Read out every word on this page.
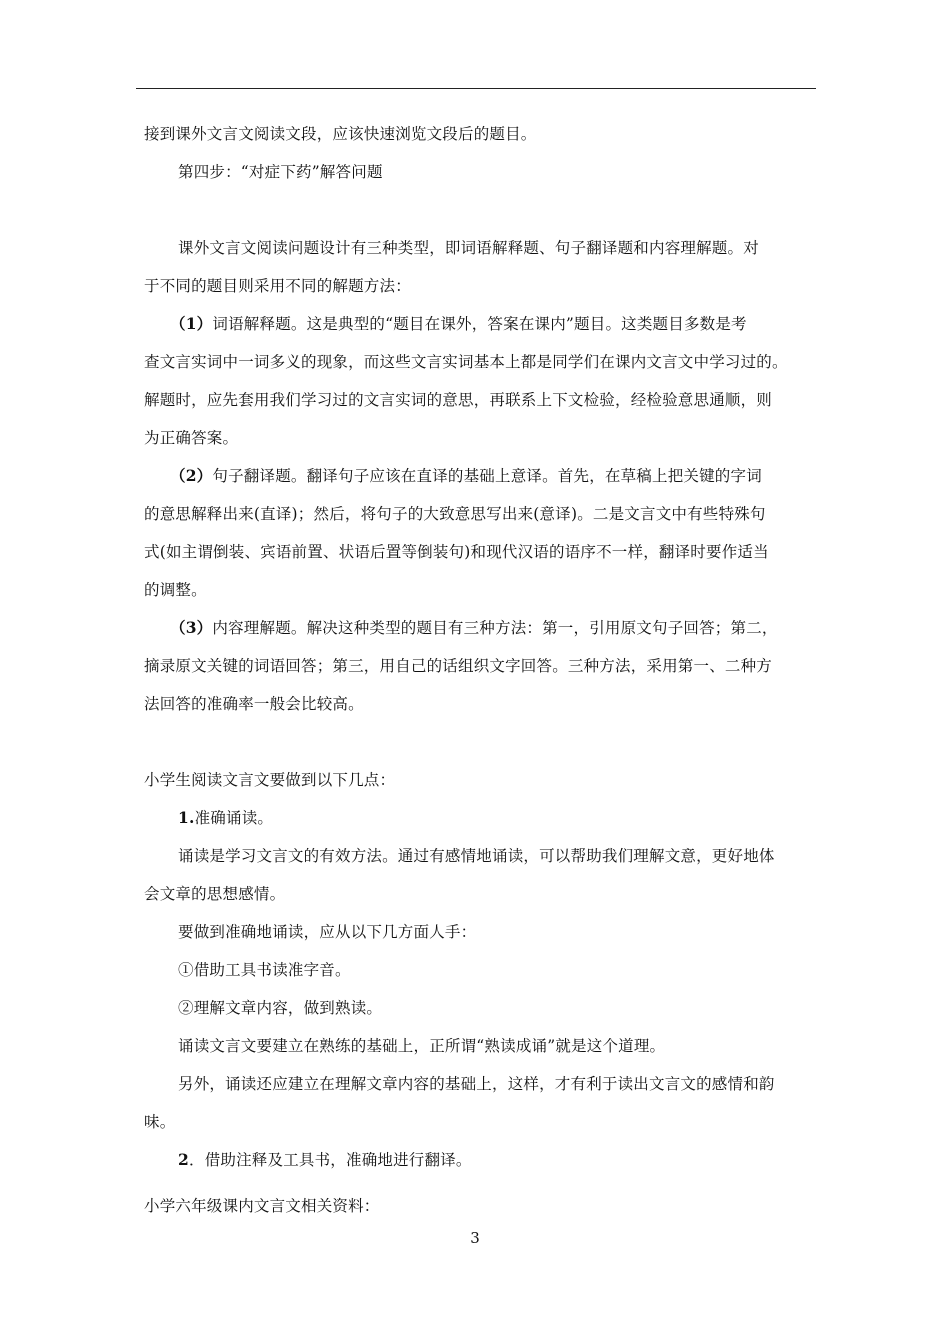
接到课外文言文阅读文段，应该快速浏览文段后的题目。
第四步：“对症下药”解答问题
课外文言文阅读问题设计有三种类型，即词语解释题、句子翻译题和内容理解题。对
于不同的题目则采用不同的解题方法：
（1）词语解释题。这是典型的“题目在课外，答案在课内”题目。这类题目多数是考
查文言实词中一词多义的现象，而这些文言实词基本上都是同学们在课内文言文中学习过的。
解题时，应先套用我们学习过的文言实词的意思，再联系上下文检验，经检验意思通顺，则
为正确答案。
（2）句子翻译题。翻译句子应该在直译的基础上意译。首先，在草稿上把关键的字词
的意思解释出来(直译)；然后，将句子的大致意思写出来(意译)。二是文言文中有些特殊句
式(如主谓倒装、宾语前置、状语后置等倒装句)和现代汉语的语序不一样，翻译时要作适当
的调整。
（3）内容理解题。解决这种类型的题目有三种方法：第一，引用原文句子回答；第二，
摘录原文关键的词语回答；第三，用自己的话组织文字回答。三种方法，采用第一、二种方
法回答的准确率一般会比较高。
小学生阅读文言文要做到以下几点：
1.准确诵读。
诵读是学习文言文的有效方法。通过有感情地诵读，可以帮助我们理解文意，更好地体
会文章的思想感情。
要做到准确地诵读，应从以下几方面人手：
①借助工具书读准字音。
②理解文章内容，做到熟读。
诵读文言文要建立在熟练的基础上，正所谓“熟读成诵”就是这个道理。
另外，诵读还应建立在理解文章内容的基础上，这样，才有利于读出文言文的感情和韵
味。
2．借助注释及工具书，准确地进行翻译。
小学六年级课内文言文相关资料：
3
